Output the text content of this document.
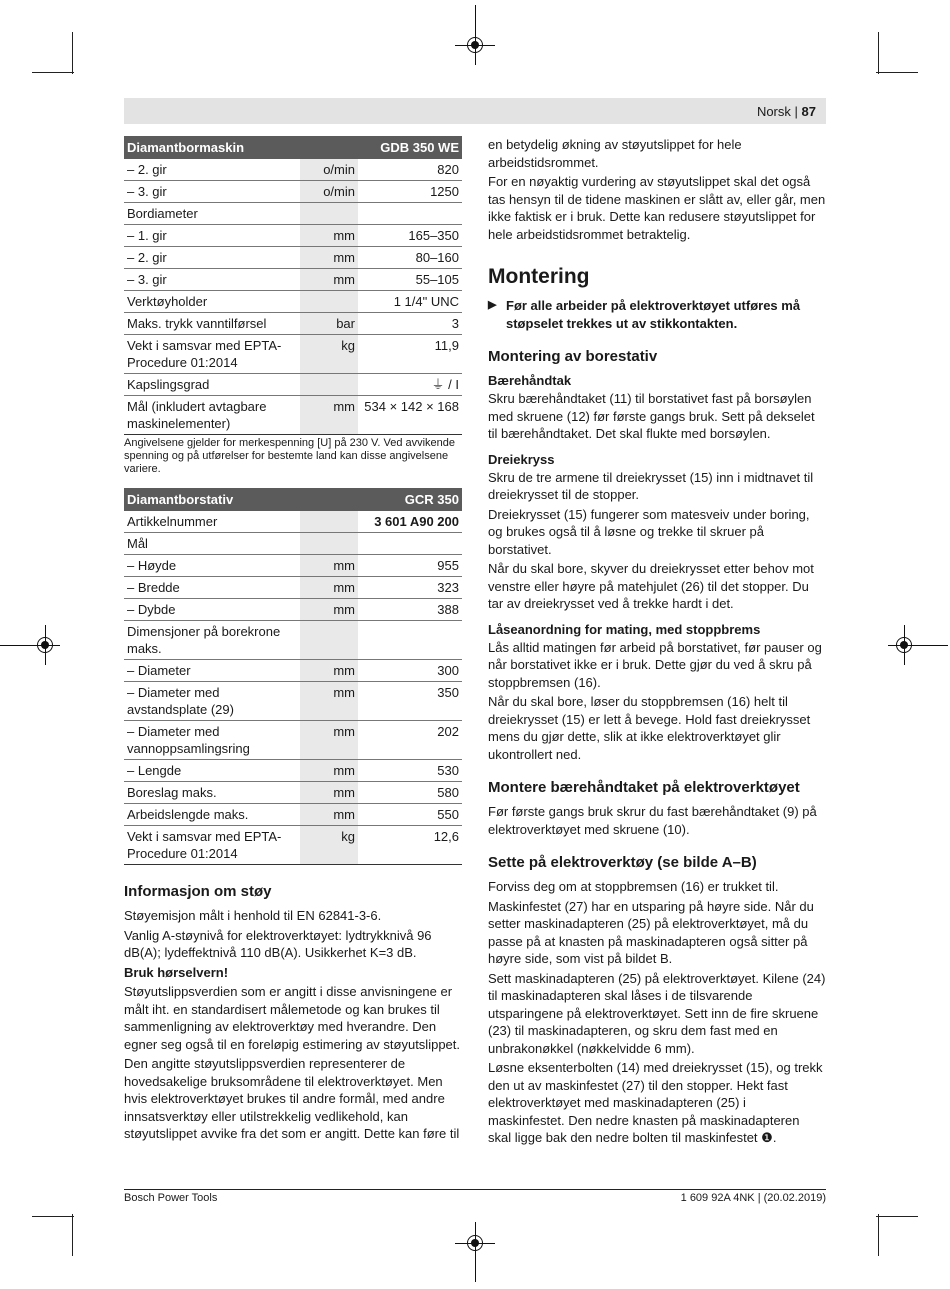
Norsk | 87
Diamantbormaskin		GDB 350 WE
– 2. gir	o/min	820
– 3. gir	o/min	1250
Bordiameter		
– 1. gir	mm	165–350
– 2. gir	mm	80–160
– 3. gir	mm	55–105
Verktøyholder		1 1/4" UNC
Maks. trykk vanntilførsel	bar	3
Vekt i samsvar med EPTA-Procedure 01:2014	kg	11,9
Kapslingsgrad		⏚ / I
Mål (inkludert avtagbare maskinelementer)	mm	534 × 142 × 168
Angivelsene gjelder for merkespenning [U] på 230 V. Ved avvikende spenning og på utførelser for bestemte land kan disse angivelsene variere.
Diamantborstativ		GCR 350
Artikkelnummer		3 601 A90 200
Mål		
– Høyde	mm	955
– Bredde	mm	323
– Dybde	mm	388
Dimensjoner på borekrone maks.		
– Diameter	mm	300
– Diameter med avstandsplate (29)	mm	350
– Diameter med vannoppsamlingsring	mm	202
– Lengde	mm	530
Boreslag maks.	mm	580
Arbeidslengde maks.	mm	550
Vekt i samsvar med EPTA-Procedure 01:2014	kg	12,6
Informasjon om støy

Støyemisjon målt i henhold til EN 62841-3-6.

Vanlig A-støynivå for elektroverktøyet: lydtrykknivå 96 dB(A); lydeffektnivå 110 dB(A). Usikkerhet K=3 dB.

Bruk hørselvern!

Støyutslippsverdien som er angitt i disse anvisningene er målt iht. en standardisert målemetode og kan brukes til sammenligning av elektroverktøy med hverandre. Den egner seg også til en foreløpig estimering av støyutslippet.

Den angitte støyutslippsverdien representerer de hovedsakelige bruksområdene til elektroverktøyet. Men hvis elektroverktøyet brukes til andre formål, med andre innsatsverktøy eller utilstrekkelig vedlikehold, kan støyutslippet avvike fra det som er angitt. Dette kan føre til

en betydelig økning av støyutslippet for hele arbeidstidsrommet.

For en nøyaktig vurdering av støyutslippet skal det også tas hensyn til de tidene maskinen er slått av, eller går, men ikke faktisk er i bruk. Dette kan redusere støyutslippet for hele arbeidstidsrommet betraktelig.

Montering

▶ Før alle arbeider på elektroverktøyet utføres må støpselet trekkes ut av stikkontakten.

Montering av borestativ
Bærehåndtak

Skru bærehåndtaket (11) til borstativet fast på borsøylen med skruene (12) før første gangs bruk. Sett på dekselet til bærehåndtaket. Det skal flukte med borsøylen.

Dreiekryss

Skru de tre armene til dreiekrysset (15) inn i midtnavet til dreiekrysset til de stopper.

Dreiekrysset (15) fungerer som matesveiv under boring, og brukes også til å løsne og trekke til skruer på borstativet.

Når du skal bore, skyver du dreiekrysset etter behov mot venstre eller høyre på matehjulet (26) til det stopper. Du tar av dreiekrysset ved å trekke hardt i det.

Låseanordning for mating, med stoppbrems

Lås alltid matingen før arbeid på borstativet, før pauser og når borstativet ikke er i bruk. Dette gjør du ved å skru på stoppbremsen (16).

Når du skal bore, løser du stoppbremsen (16) helt til dreiekrysset (15) er lett å bevege. Hold fast dreiekrysset mens du gjør dette, slik at ikke elektroverktøyet glir ukontrollert ned.

Montere bærehåndtaket på elektroverktøyet

Før første gangs bruk skrur du fast bærehåndtaket (9) på elektroverktøyet med skruene (10).

Sette på elektroverktøy (se bilde A–B)

Forviss deg om at stoppbremsen (16) er trukket til.

Maskinfestet (27) har en utsparing på høyre side. Når du setter maskinadapteren (25) på elektroverktøyet, må du passe på at knasten på maskinadapteren også sitter på høyre side, som vist på bildet B.

Sett maskinadapteren (25) på elektroverktøyet. Kilene (24) til maskinadapteren skal låses i de tilsvarende utsparingene på elektroverktøyet. Sett inn de fire skruene (23) til maskinadapteren, og skru dem fast med en unbrakonøkkel (nøkkelvidde 6 mm).

Løsne eksenterbolten (14) med dreiekrysset (15), og trekk den ut av maskinfestet (27) til den stopper. Hekt fast elektroverktøyet med maskinadapteren (25) i maskinfestet. Den nedre knasten på maskinadapteren skal ligge bak den nedre bolten til maskinfestet ❶.

Bosch Power Tools	1 609 92A 4NK | (20.02.2019)
